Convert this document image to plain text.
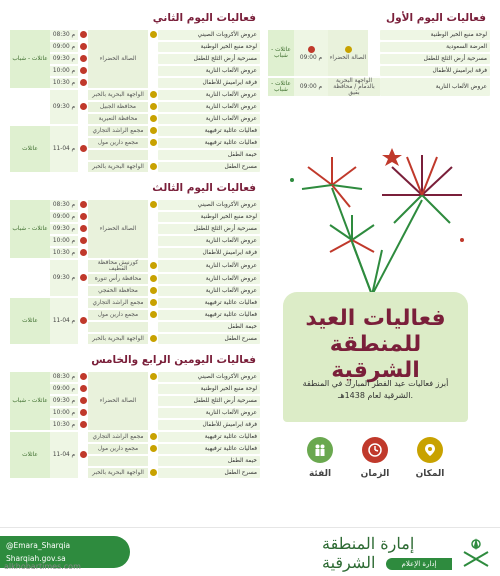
فعاليات اليوم الأول
عائلات - شباب	09:00 م	الصالة الخضراء		لوحة منبع الخير الوطنية
				العرضة السعودية
				مسرحية أرض الثلج للطفل
				فرقة ايراميش للأطفال
عائلات - شباب	09:00 م	الواجهة البحرية بالدمام / محافظة بقيق		عروض الألعاب النارية
فعاليات العيد
للمنطقة الشرقية
أبرز فعاليات عيد الفطر المبارك في المنطقة الشرقية لعام 1438هـ.
المكان
الزمان
الفئة
فعاليات اليوم الثاني
عائلات - شباب	08:30 م		الصالة الخضراء		عروض الأكروبات الصيني
	09:00 م				لوحة منبع الخير الوطنية
	09:30 م				مسرحية أرض الثلج للطفل
	10:00 م				عروض الألعاب النارية
	10:30 م				فرقة ايراميش للأطفال
	09:30 م		الواجهة البحرية بالخبر		عروض الألعاب النارية
			محافظة الجبيل		عروض الألعاب النارية
			محافظة النعيرية		عروض الألعاب النارية
عائلات	11-04 م		مجمع الراشد التجاري		فعاليات عائلية ترفيهية
			مجمع دارين مول		فعاليات عائلية ترفيهية
					خيمة الطفل
			الواجهة البحرية بالخبر		مسرح الطفل
فعاليات اليوم الثالث
عائلات - شباب	08:30 م		الصالة الخضراء		عروض الأكروبات الصيني
	09:00 م				لوحة منبع الخير الوطنية
	09:30 م				مسرحية أرض الثلج للطفل
	10:00 م				عروض الألعاب النارية
	10:30 م				فرقة ايراميش للأطفال
	09:30 م		كورنيش محافظة القطيف		عروض الألعاب النارية
			محافظة رأس تنورة		عروض الألعاب النارية
			محافظة الخفجي		عروض الألعاب النارية
عائلات	11-04 م		مجمع الراشد التجاري		فعاليات عائلية ترفيهية
			مجمع دارين مول		فعاليات عائلية ترفيهية
					خيمة الطفل
			الواجهة البحرية بالخبر		مسرح الطفل
فعاليات اليومين الرابع والخامس
عائلات - شباب	08:30 م		الصالة الخضراء		عروض الأكروبات الصيني
	09:00 م				لوحة منبع الخير الوطنية
	09:30 م				مسرحية أرض الثلج للطفل
	10:00 م				عروض الألعاب النارية
	10:30 م				فرقة ايراميش للأطفال
عائلات	11-04 م		مجمع الراشد التجاري		فعاليات عائلية ترفيهية
			مجمع دارين مول		فعاليات عائلية ترفيهية
					خيمة الطفل
			الواجهة البحرية بالخبر		مسرح الطفل
@Emara_Sharqia
Sharqiah.gov.sa
إمارة المنطقة الشرقية	إدارة الإعلام
alkhobartimes.com
